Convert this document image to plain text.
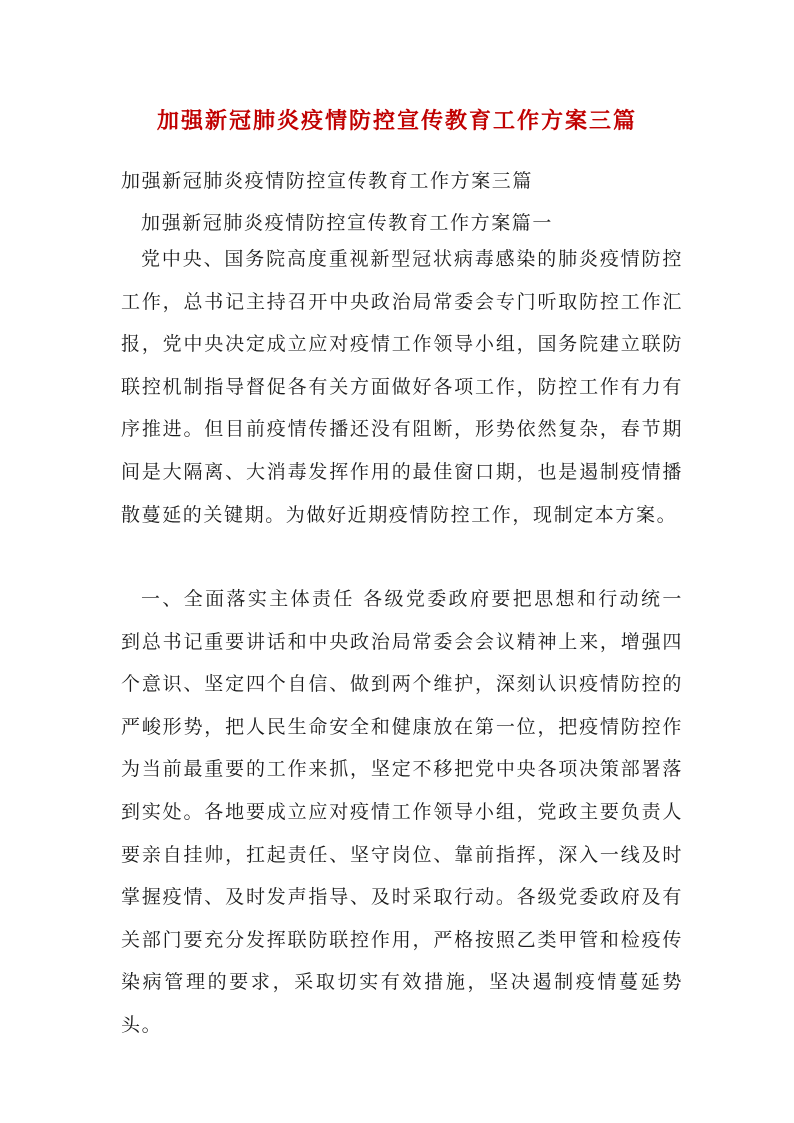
加强新冠肺炎疫情防控宣传教育工作方案三篇

加强新冠肺炎疫情防控宣传教育工作方案三篇

加强新冠肺炎疫情防控宣传教育工作方案篇一

党中央、国务院高度重视新型冠状病毒感染的肺炎疫情防控工作，总书记主持召开中央政治局常委会专门听取防控工作汇报，党中央决定成立应对疫情工作领导小组，国务院建立联防联控机制指导督促各有关方面做好各项工作，防控工作有力有序推进。但目前疫情传播还没有阻断，形势依然复杂，春节期间是大隔离、大消毒发挥作用的最佳窗口期，也是遏制疫情播散蔓延的关键期。为做好近期疫情防控工作，现制定本方案。

一、全面落实主体责任 各级党委政府要把思想和行动统一到总书记重要讲话和中央政治局常委会会议精神上来，增强四个意识、坚定四个自信、做到两个维护，深刻认识疫情防控的严峻形势，把人民生命安全和健康放在第一位，把疫情防控作为当前最重要的工作来抓，坚定不移把党中央各项决策部署落到实处。各地要成立应对疫情工作领导小组，党政主要负责人要亲自挂帅，扛起责任、坚守岗位、靠前指挥，深入一线及时掌握疫情、及时发声指导、及时采取行动。各级党委政府及有关部门要充分发挥联防联控作用，严格按照乙类甲管和检疫传染病管理的要求，采取切实有效措施，坚决遏制疫情蔓延势头。
